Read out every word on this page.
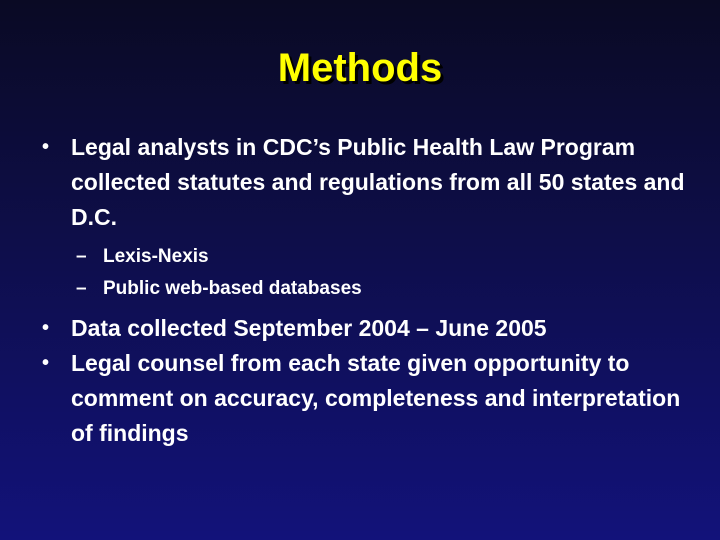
Methods
• Legal analysts in CDC’s Public Health Law Program collected statutes and regulations from all 50 states and D.C.
– Lexis-Nexis
– Public web-based databases
• Data collected September 2004 – June 2005
• Legal counsel from each state given opportunity to comment on accuracy, completeness and interpretation of findings
